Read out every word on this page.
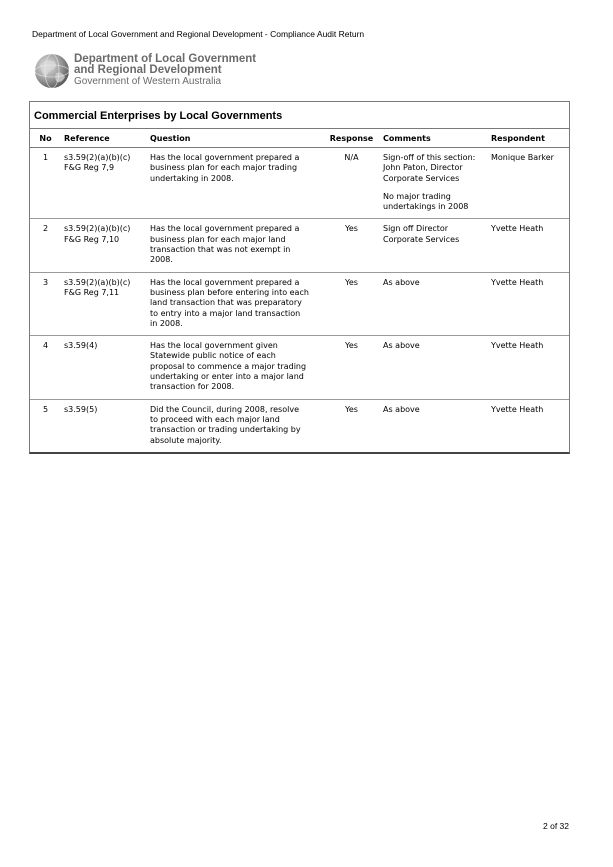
Department of Local Government and Regional Development - Compliance Audit Return
Department of Local Government
and Regional Development
Government of Western Australia
Commercial Enterprises by Local Governments
No	Reference	Question	Response	Comments	Respondent
1	s3.59(2)(a)(b)(c)
F&G Reg 7,9	Has the local government prepared a
business plan for each major trading
undertaking in 2008.	N/A	Sign-off of this section:
John Paton, Director
Corporate Services
No major trading
undertakings in 2008	Monique Barker
2	s3.59(2)(a)(b)(c)
F&G Reg 7,10	Has the local government prepared a
business plan for each major land
transaction that was not exempt in
2008.	Yes	Sign off Director
Corporate Services	Yvette Heath
3	s3.59(2)(a)(b)(c)
F&G Reg 7,11	Has the local government prepared a
business plan before entering into each
land transaction that was preparatory
to entry into a major land transaction
in 2008.	Yes	As above	Yvette Heath
4	s3.59(4)	Has the local government given
Statewide public notice of each
proposal to commence a major trading
undertaking or enter into a major land
transaction for 2008.	Yes	As above	Yvette Heath
5	s3.59(5)	Did the Council, during 2008, resolve
to proceed with each major land
transaction or trading undertaking by
absolute majority.	Yes	As above	Yvette Heath
2 of 32
